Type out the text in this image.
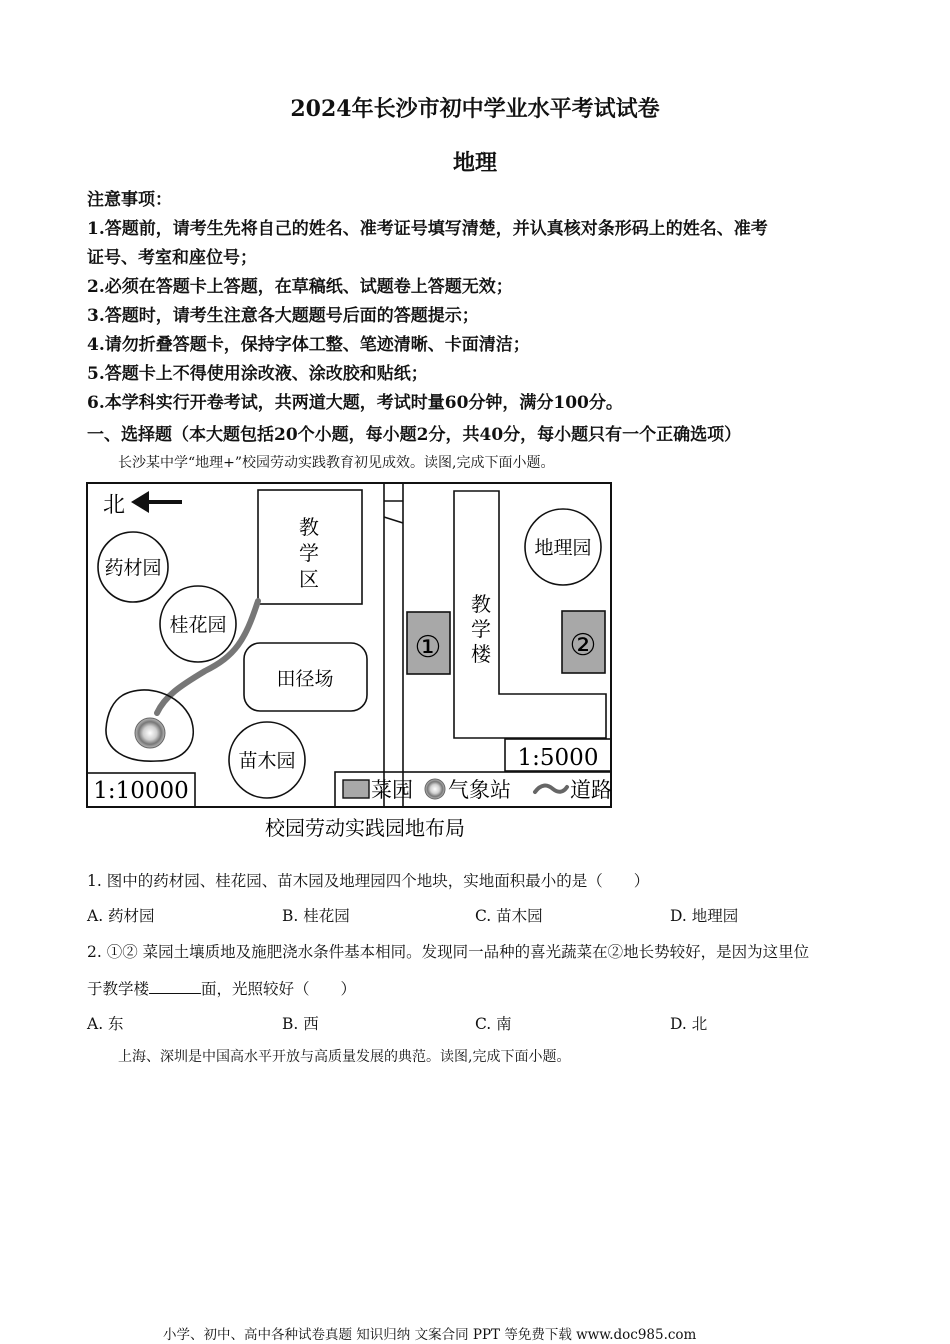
2024年长沙市初中学业水平考试试卷
地理
注意事项：
1.答题前，请考生先将自己的姓名、准考证号填写清楚，并认真核对条形码上的姓名、准考
证号、考室和座位号；
2.必须在答题卡上答题，在草稿纸、试题卷上答题无效；
3.答题时，请考生注意各大题题号后面的答题提示；
4.请勿折叠答题卡，保持字体工整、笔迹清晰、卡面清洁；
5.答题卡上不得使用涂改液、涂改胶和贴纸；
6.本学科实行开卷考试，共两道大题，考试时量60分钟，满分100分。
一、选择题（本大题包括20个小题，每小题2分，共40分，每小题只有一个正确选项）
长沙某中学“地理+”校园劳动实践教育初见成效。读图,完成下面小题。
北
药材园
桂花园
苗木园
地理园
教
学
区
田径场
教
学
楼
①	②
1:10000
1:5000
菜园 气象站	道路
校园劳动实践园地布局
1. 图中的药材园、桂花园、苗木园及地理园四个地块，实地面积最小的是（　　）
A. 药材园	B. 桂花园	C. 苗木园	D. 地理园
2. ①② 菜园土壤质地及施肥浇水条件基本相同。发现同一品种的喜光蔬菜在②地长势较好，是因为这里位
于教学楼	面，光照较好（　　）
A. 东	B. 西	C. 南	D. 北
上海、深圳是中国高水平开放与高质量发展的典范。读图,完成下面小题。
小学、初中、高中各种试卷真题 知识归纳 文案合同 PPT 等免费下载 www.doc985.com
